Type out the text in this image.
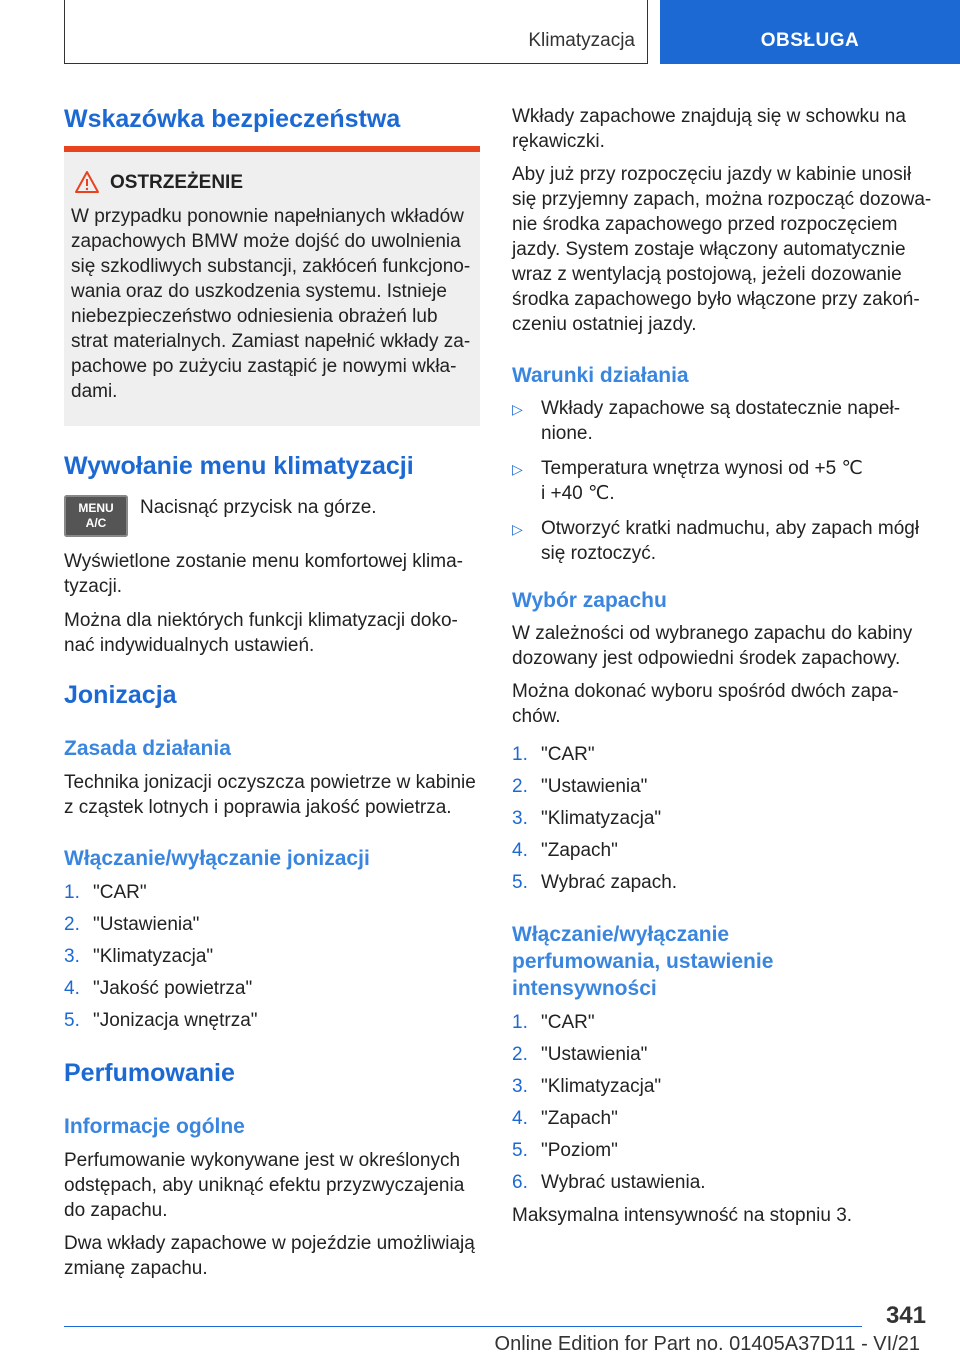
Klimatyzacja	OBSŁUGA
Wskazówka bezpieczeństwa
OSTRZEŻENIE

W przypadku ponownie napełnianych wkładów

zapachowych BMW może dojść do uwolnienia

się szkodliwych substancji, zakłóceń funkcjono-

wania oraz do uszkodzenia systemu. Istnieje

niebezpieczeństwo odniesienia obrażeń lub

strat materialnych. Zamiast napełnić wkłady za-

pachowe po zużyciu zastąpić je nowymi wkła-

dami.

Wywołanie menu klimatyzacji
MENU
A/C

Nacisnąć przycisk na górze.

Wyświetlone zostanie menu komfortowej klima-

tyzacji.

Można dla niektórych funkcji klimatyzacji doko-

nać indywidualnych ustawień.

Jonizacja
Zasada działania

Technika jonizacji oczyszcza powietrze w kabinie

z cząstek lotnych i poprawia jakość powietrza.

Włączanie/wyłączanie jonizacji
1. "CAR"
2. "Ustawienia"
3. "Klimatyzacja"
4. "Jakość powietrza"
5. "Jonizacja wnętrza"
Perfumowanie
Informacje ogólne

Perfumowanie wykonywane jest w określonych

odstępach, aby uniknąć efektu przyzwyczajenia

do zapachu.

Dwa wkłady zapachowe w pojeździe umożliwiają

zmianę zapachu.

Wkłady zapachowe znajdują się w schowku na

rękawiczki.

Aby już przy rozpoczęciu jazdy w kabinie unosił

się przyjemny zapach, można rozpocząć dozowa-

nie środka zapachowego przed rozpoczęciem

jazdy. System zostaje włączony automatycznie

wraz z wentylacją postojową, jeżeli dozowanie

środka zapachowego było włączone przy zakoń-

czeniu ostatniej jazdy.

Warunki działania
▷ Wkłady zapachowe są dostatecznie napeł-

nione.

▷ Temperatura wnętrza wynosi od +5 ℃

i +40 ℃.

▷ Otworzyć kratki nadmuchu, aby zapach mógł

się roztoczyć.

Wybór zapachu

W zależności od wybranego zapachu do kabiny

dozowany jest odpowiedni środek zapachowy.

Można dokonać wyboru spośród dwóch zapa-

chów.

1. "CAR"
2. "Ustawienia"
3. "Klimatyzacja"
4. "Zapach"
5. Wybrać zapach.
Włączanie/wyłączanie
perfumowania, ustawienie
intensywności
1. "CAR"
2. "Ustawienia"
3. "Klimatyzacja"
4. "Zapach"
5. "Poziom"
6. Wybrać ustawienia.

Maksymalna intensywność na stopniu 3.

341
Online Edition for Part no. 01405A37D11 - VI/21
